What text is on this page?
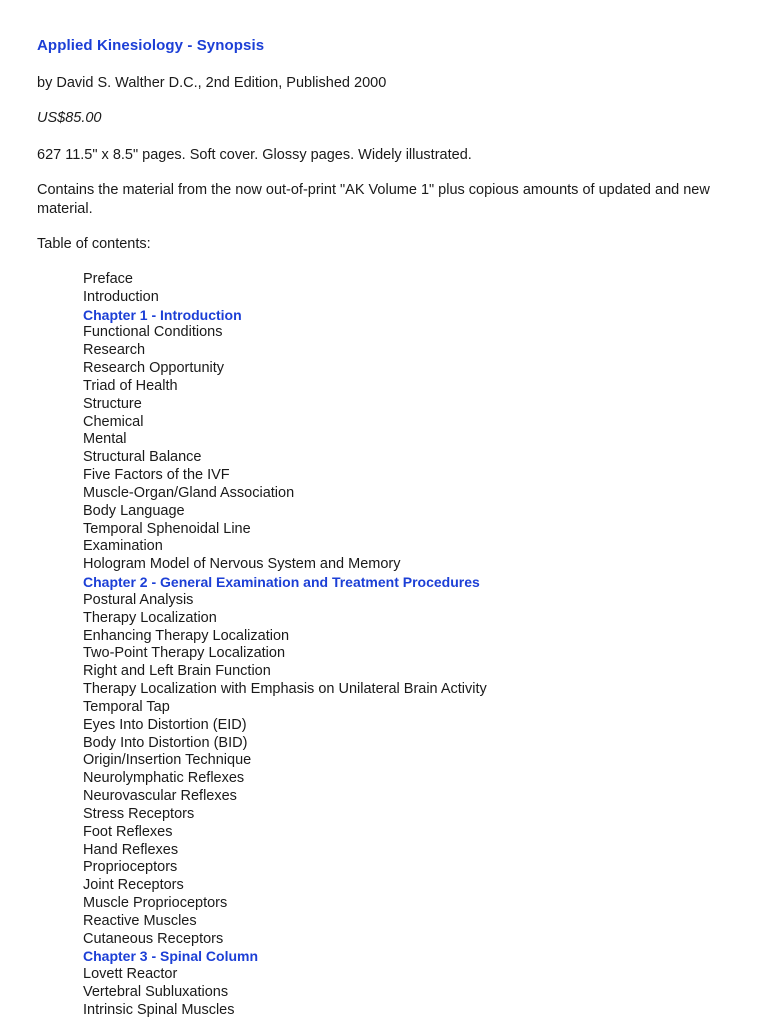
Applied Kinesiology - Synopsis
by David S. Walther D.C., 2nd Edition, Published 2000
US$85.00
627 11.5" x 8.5" pages. Soft cover. Glossy pages. Widely illustrated.
Contains the material from the now out-of-print "AK Volume 1" plus copious amounts of updated and new material.
Table of contents:
Preface
Introduction
Chapter 1 - Introduction
Functional Conditions
Research
Research Opportunity
Triad of Health
Structure
Chemical
Mental
Structural Balance
Five Factors of the IVF
Muscle-Organ/Gland Association
Body Language
Temporal Sphenoidal Line
Examination
Hologram Model of Nervous System and Memory
Chapter 2 - General Examination and Treatment Procedures
Postural Analysis
Therapy Localization
Enhancing Therapy Localization
Two-Point Therapy Localization
Right and Left Brain Function
Therapy Localization with Emphasis on Unilateral Brain Activity
Temporal Tap
Eyes Into Distortion (EID)
Body Into Distortion (BID)
Origin/Insertion Technique
Neurolymphatic Reflexes
Neurovascular Reflexes
Stress Receptors
Foot Reflexes
Hand Reflexes
Proprioceptors
Joint Receptors
Muscle Proprioceptors
Reactive Muscles
Cutaneous Receptors
Chapter 3 - Spinal Column
Lovett Reactor
Vertebral Subluxations
Intrinsic Spinal Muscles
